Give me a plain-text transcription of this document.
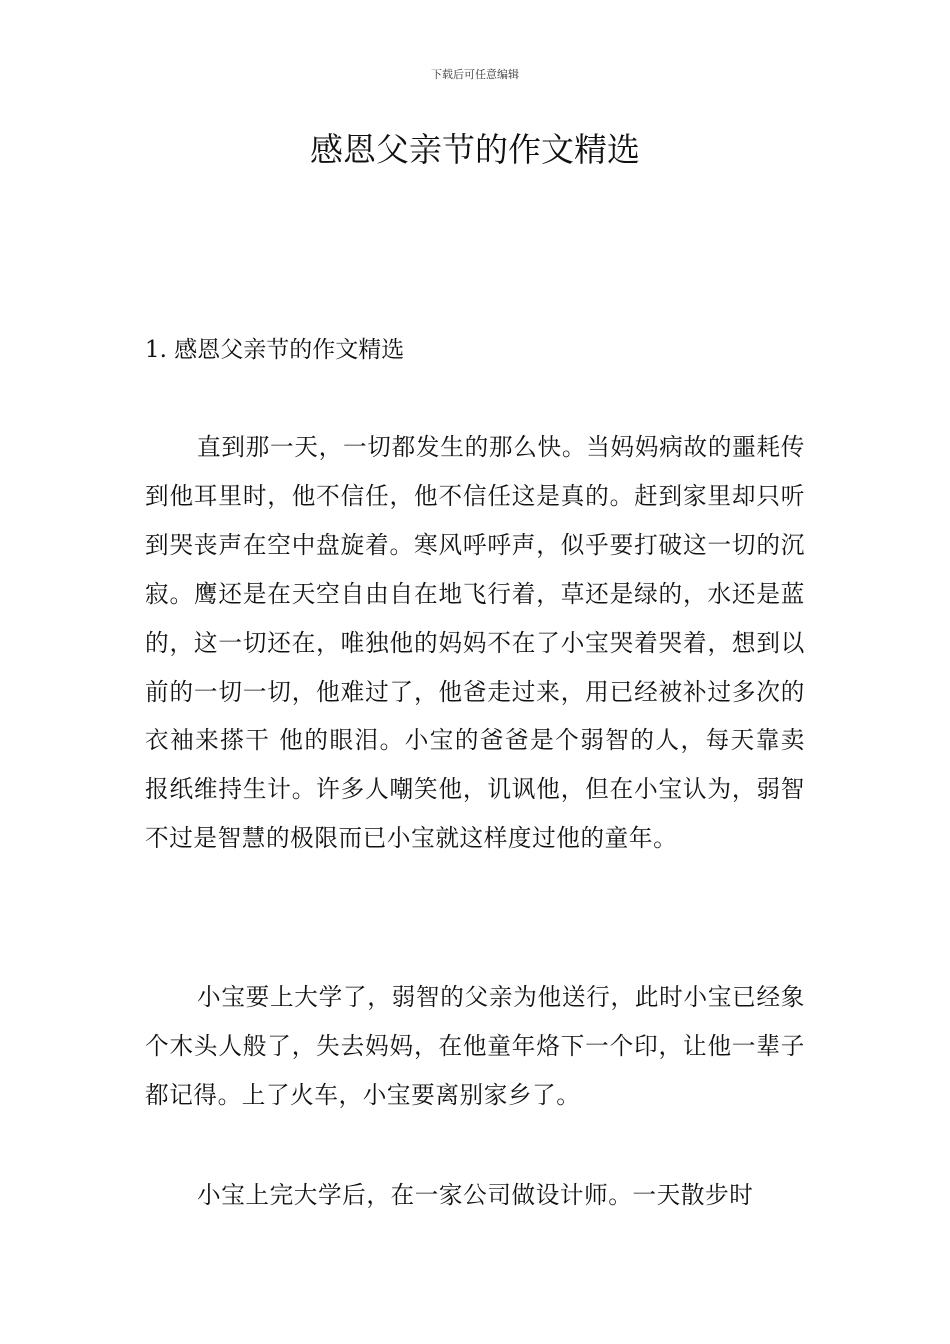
下载后可任意编辑
感恩父亲节的作文精选
1. 感恩父亲节的作文精选

直到那一天，一切都发生的那么快。当妈妈病故的噩耗传到他耳里时，他不信任，他不信任这是真的。赶到家里却只听到哭丧声在空中盘旋着。寒风呼呼声，似乎要打破这一切的沉寂。鹰还是在天空自由自在地飞行着，草还是绿的，水还是蓝的，这一切还在，唯独他的妈妈不在了小宝哭着哭着，想到以前的一切一切，他难过了，他爸走过来，用已经被补过多次的衣袖来搽干 他的眼泪。小宝的爸爸是个弱智的人，每天靠卖报纸维持生计。许多人嘲笑他，讥讽他，但在小宝认为，弱智不过是智慧的极限而已小宝就这样度过他的童年。

小宝要上大学了，弱智的父亲为他送行，此时小宝已经象个木头人般了，失去妈妈，在他童年烙下一个印，让他一辈子都记得。上了火车，小宝要离别家乡了。

小宝上完大学后，在一家公司做设计师。一天散步时
